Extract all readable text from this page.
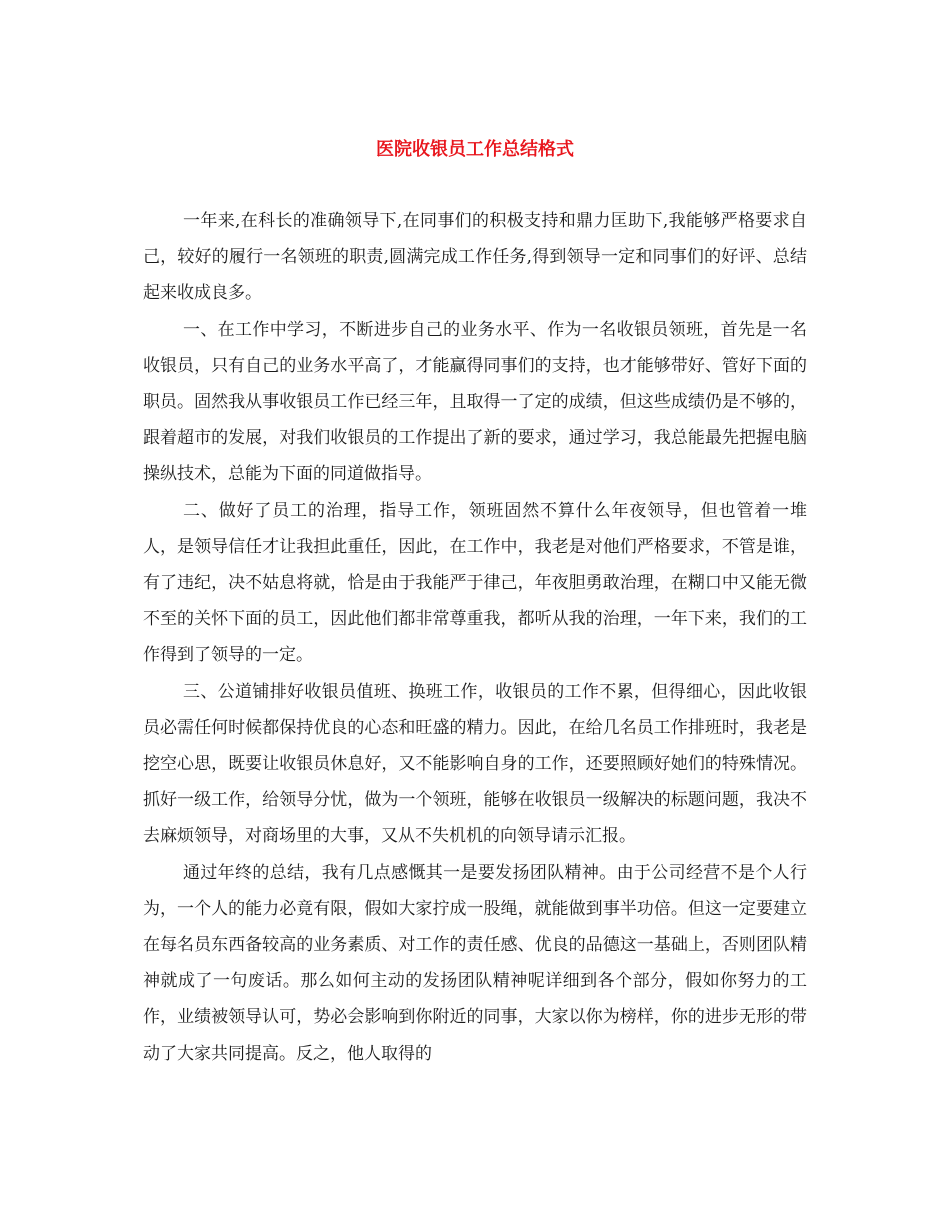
医院收银员工作总结格式

一年来,在科长的准确领导下,在同事们的积极支持和鼎力匡助下,我能够严格要求自己，较好的履行一名领班的职责,圆满完成工作任务,得到领导一定和同事们的好评、总结起来收成良多。

一、在工作中学习，不断进步自己的业务水平、作为一名收银员领班，首先是一名收银员，只有自己的业务水平高了，才能赢得同事们的支持，也才能够带好、管好下面的职员。固然我从事收银员工作已经三年，且取得一了定的成绩，但这些成绩仍是不够的，跟着超市的发展，对我们收银员的工作提出了新的要求，通过学习，我总能最先把握电脑操纵技术，总能为下面的同道做指导。

二、做好了员工的治理，指导工作，领班固然不算什么年夜领导，但也管着一堆人，是领导信任才让我担此重任，因此，在工作中，我老是对他们严格要求，不管是谁，有了违纪，决不姑息将就，恰是由于我能严于律己，年夜胆勇敢治理，在糊口中又能无微不至的关怀下面的员工，因此他们都非常尊重我，都听从我的治理，一年下来，我们的工作得到了领导的一定。

三、公道铺排好收银员值班、换班工作，收银员的工作不累，但得细心，因此收银员必需任何时候都保持优良的心态和旺盛的精力。因此，在给几名员工作排班时，我老是挖空心思，既要让收银员休息好，又不能影响自身的工作，还要照顾好她们的特殊情况。抓好一级工作，给领导分忧，做为一个领班，能够在收银员一级解决的标题问题，我决不去麻烦领导，对商场里的大事，又从不失机机的向领导请示汇报。

通过年终的总结，我有几点感慨其一是要发扬团队精神。由于公司经营不是个人行为，一个人的能力必竟有限，假如大家拧成一股绳，就能做到事半功倍。但这一定要建立在每名员东西备较高的业务素质、对工作的责任感、优良的品德这一基础上，否则团队精神就成了一句废话。那么如何主动的发扬团队精神呢详细到各个部分，假如你努力的工作，业绩被领导认可，势必会影响到你附近的同事，大家以你为榜样，你的进步无形的带动了大家共同提高。反之，他人取得的
